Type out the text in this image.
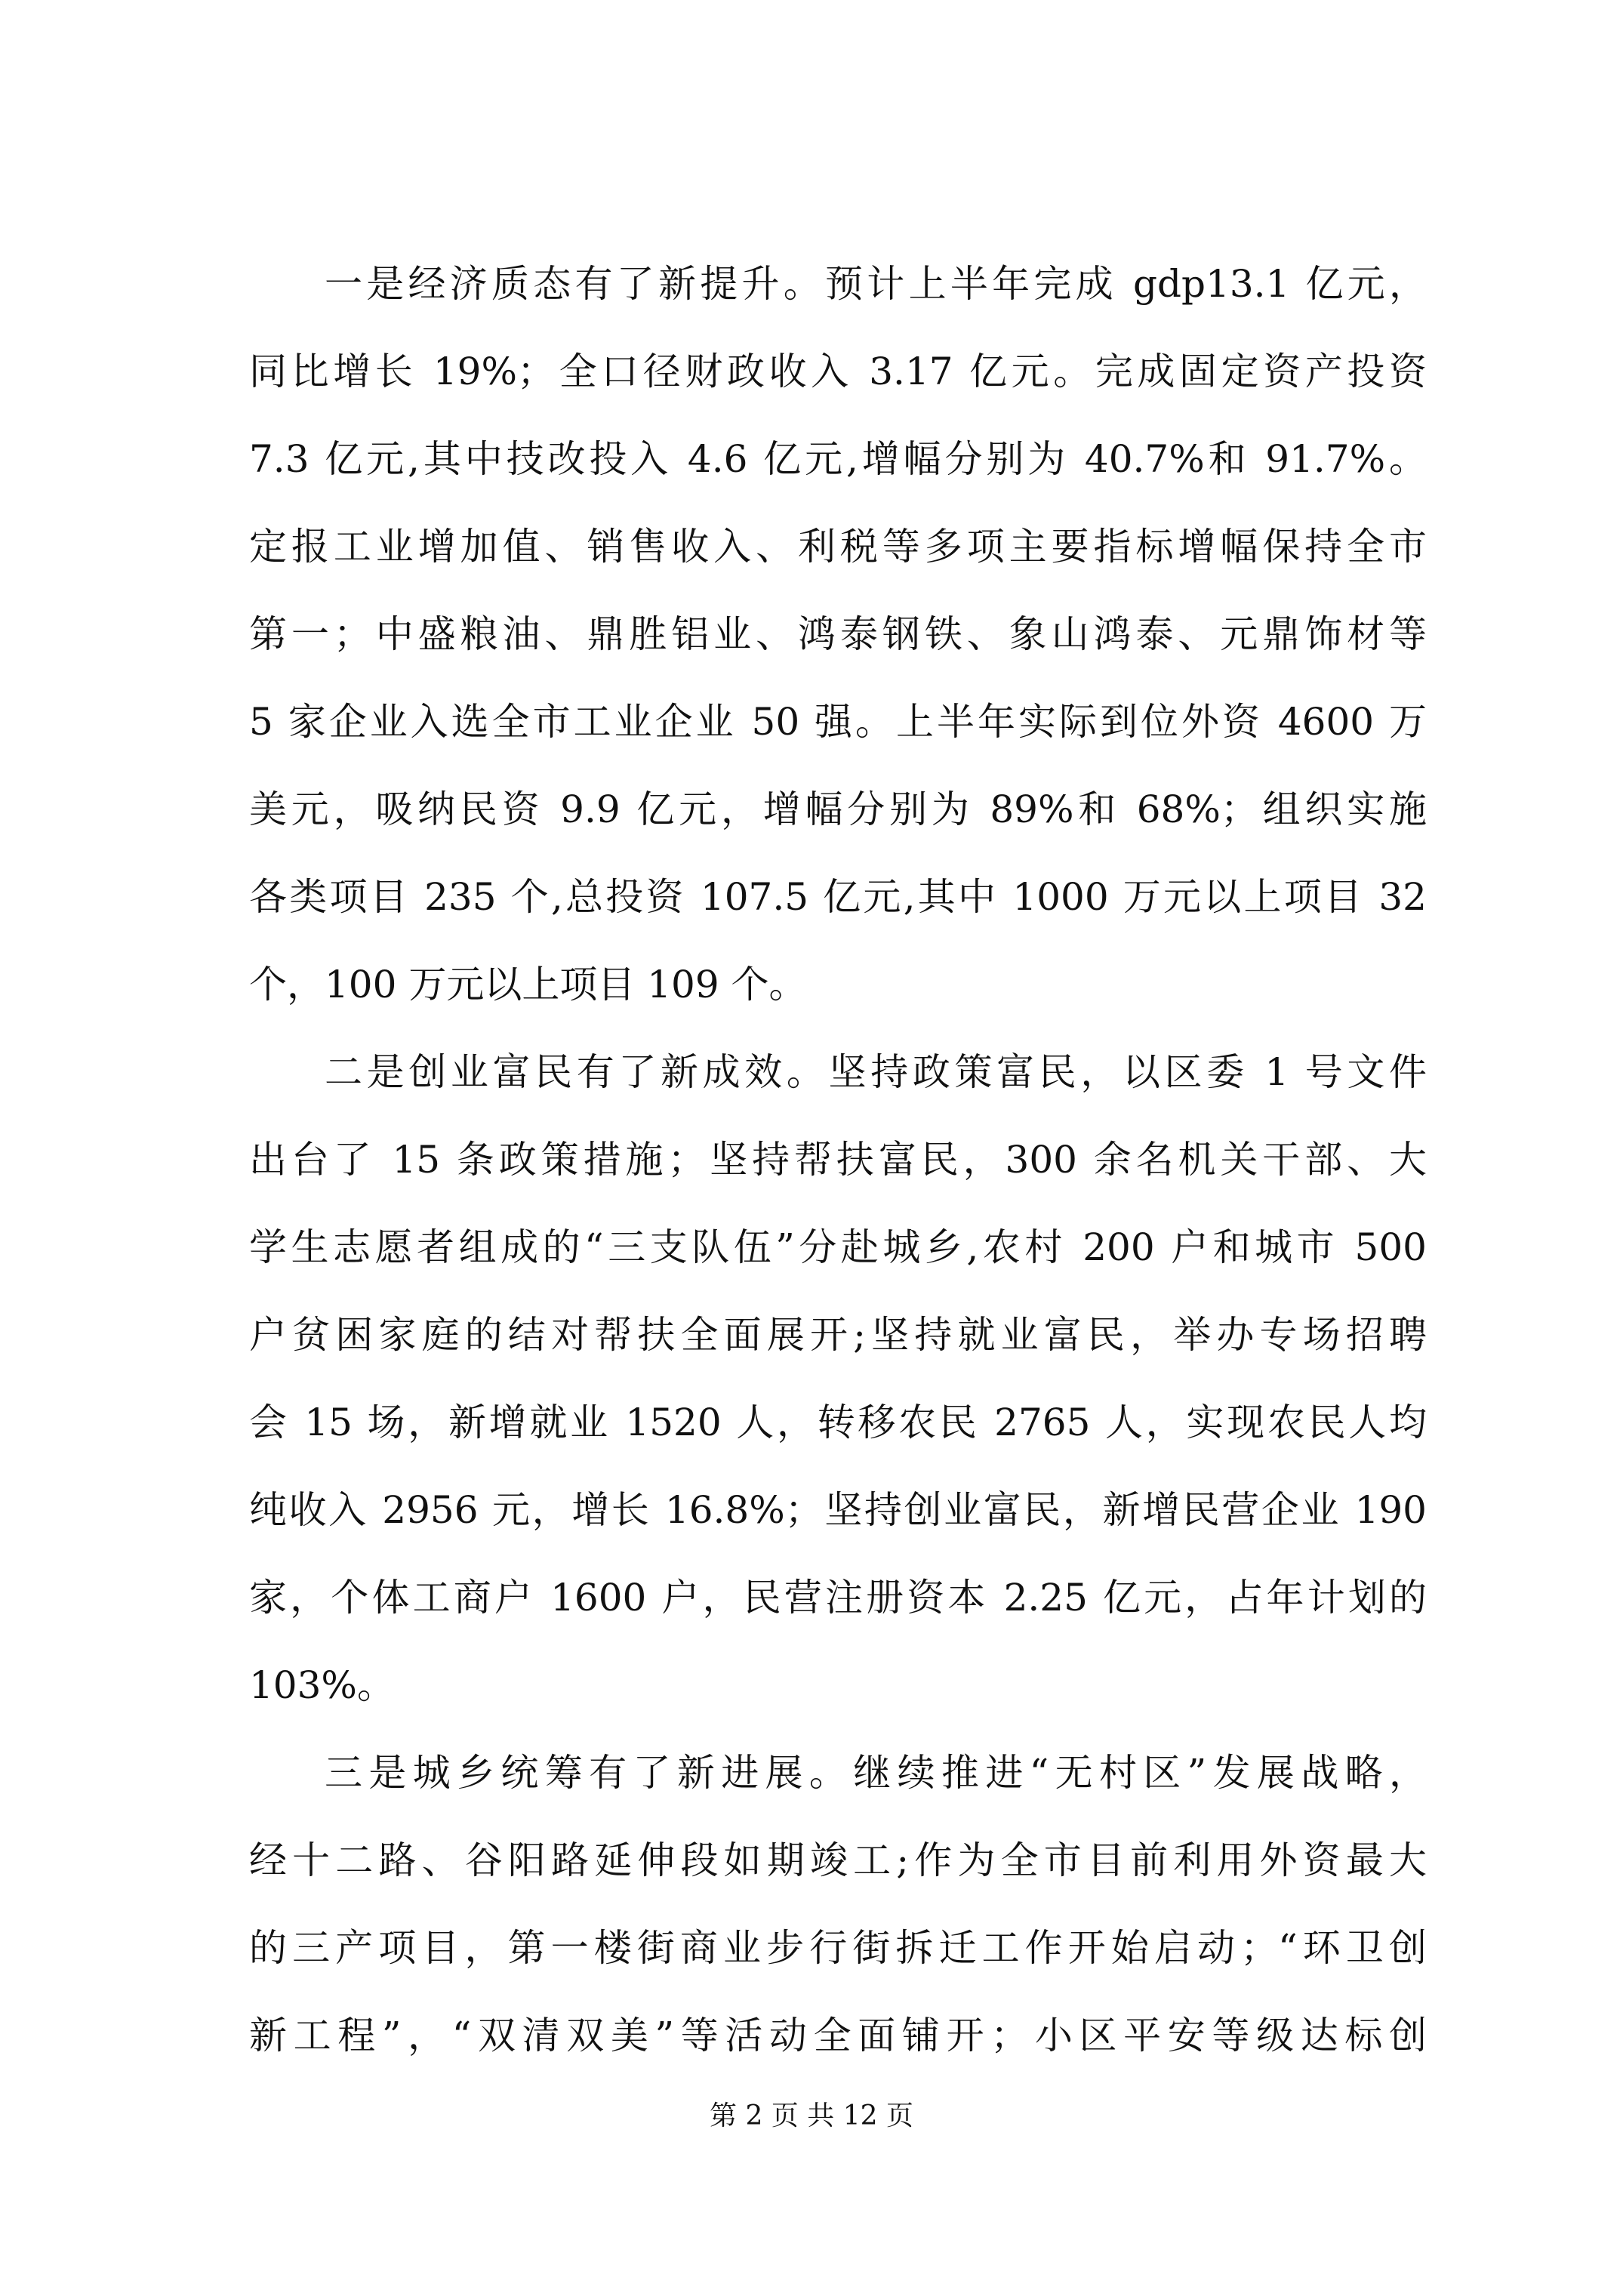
一是经济质态有了新提升。预计上半年完成 gdp13.1 亿元，
同比增长 19%；全口径财政收入 3.17 亿元。完成固定资产投资
7.3 亿元,其中技改投入 4.6 亿元,增幅分别为 40.7%和 91.7%。
定报工业增加值、销售收入、利税等多项主要指标增幅保持全市
第一；中盛粮油、鼎胜铝业、鸿泰钢铁、象山鸿泰、元鼎饰材等
5 家企业入选全市工业企业 50 强。上半年实际到位外资 4600 万
美元，吸纳民资 9.9 亿元，增幅分别为 89%和 68%；组织实施
各类项目 235 个,总投资 107.5 亿元,其中 1000 万元以上项目 32
个，100 万元以上项目 109 个。
二是创业富民有了新成效。坚持政策富民，以区委 1 号文件
出台了 15 条政策措施；坚持帮扶富民，300 余名机关干部、大
学生志愿者组成的“三支队伍”分赴城乡,农村 200 户和城市 500
户贫困家庭的结对帮扶全面展开;坚持就业富民，举办专场招聘
会 15 场，新增就业 1520 人，转移农民 2765 人，实现农民人均
纯收入 2956 元，增长 16.8%；坚持创业富民，新增民营企业 190
家，个体工商户 1600 户，民营注册资本 2.25 亿元，占年计划的
103%。
三是城乡统筹有了新进展。继续推进“无村区”发展战略，
经十二路、谷阳路延伸段如期竣工;作为全市目前利用外资最大
的三产项目，第一楼街商业步行街拆迁工作开始启动；“环卫创
新工程”，“双清双美”等活动全面铺开；小区平安等级达标创
第 2 页 共 12 页
